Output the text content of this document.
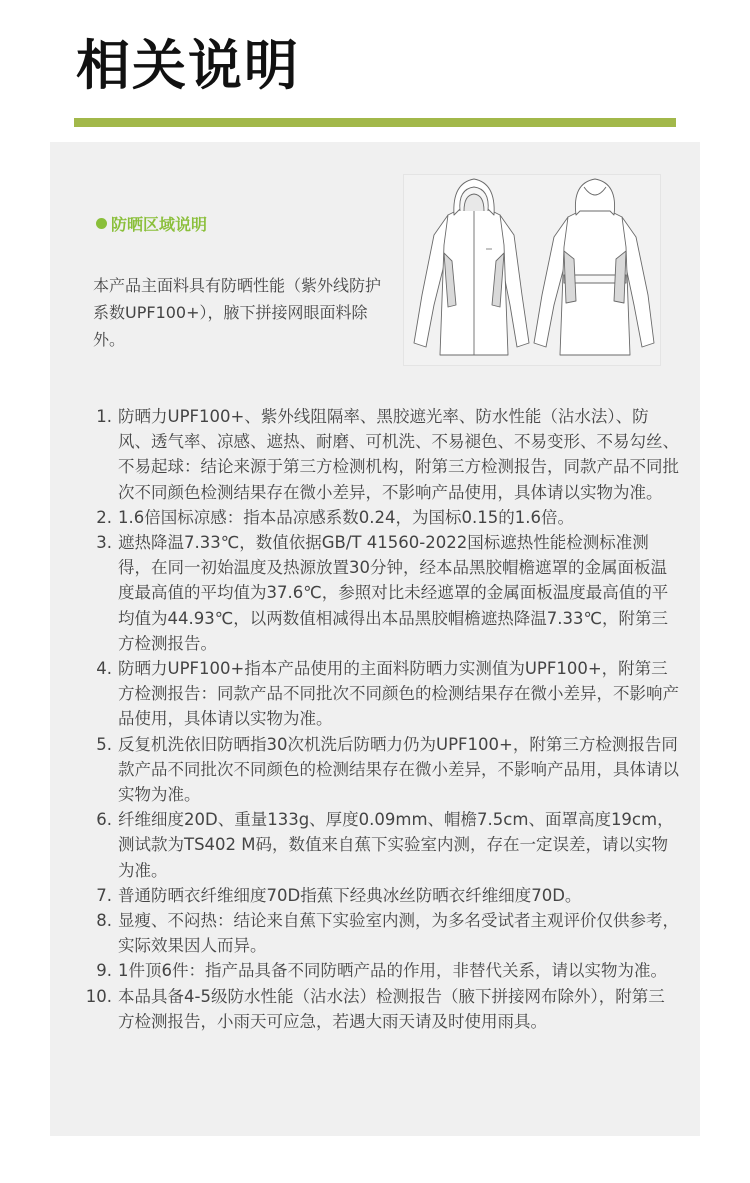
相关说明
防晒区域说明
本产品主面料具有防晒性能（紫外线防护系数UPF100+），腋下拼接网眼面料除外。
1. 防晒力UPF100+、紫外线阻隔率、黑胶遮光率、防水性能（沾水法）、防风、透气率、凉感、遮热、耐磨、可机洗、不易褪色、不易变形、不易勾丝、不易起球：结论来源于第三方检测机构，附第三方检测报告，同款产品不同批次不同颜色检测结果存在微小差异，不影响产品使用，具体请以实物为准。
2. 1.6倍国标凉感：指本品凉感系数0.24，为国标0.15的1.6倍。
3. 遮热降温7.33℃，数值依据GB/T 41560-2022国标遮热性能检测标准测得，在同一初始温度及热源放置30分钟，经本品黑胶帽檐遮罩的金属面板温度最高值的平均值为37.6℃，参照对比未经遮罩的金属面板温度最高值的平均值为44.93℃，以两数值相减得出本品黑胶帽檐遮热降温7.33℃，附第三方检测报告。
4. 防晒力UPF100+指本产品使用的主面料防晒力实测值为UPF100+，附第三方检测报告：同款产品不同批次不同颜色的检测结果存在微小差异，不影响产品使用，具体请以实物为准。
5. 反复机洗依旧防晒指30次机洗后防晒力仍为UPF100+，附第三方检测报告同款产品不同批次不同颜色的检测结果存在微小差异，不影响产品用，具体请以实物为准。
6. 纤维细度20D、重量133g、厚度0.09mm、帽檐7.5cm、面罩高度19cm，测试款为TS402 M码，数值来自蕉下实验室内测，存在一定误差，请以实物为准。
7. 普通防晒衣纤维细度70D指蕉下经典冰丝防晒衣纤维细度70D。
8. 显瘦、不闷热：结论来自蕉下实验室内测，为多名受试者主观评价仅供参考，实际效果因人而异。
9. 1件顶6件：指产品具备不同防晒产品的作用，非替代关系，请以实物为准。
10. 本品具备4-5级防水性能（沾水法）检测报告（腋下拼接网布除外），附第三方检测报告，小雨天可应急，若遇大雨天请及时使用雨具。
